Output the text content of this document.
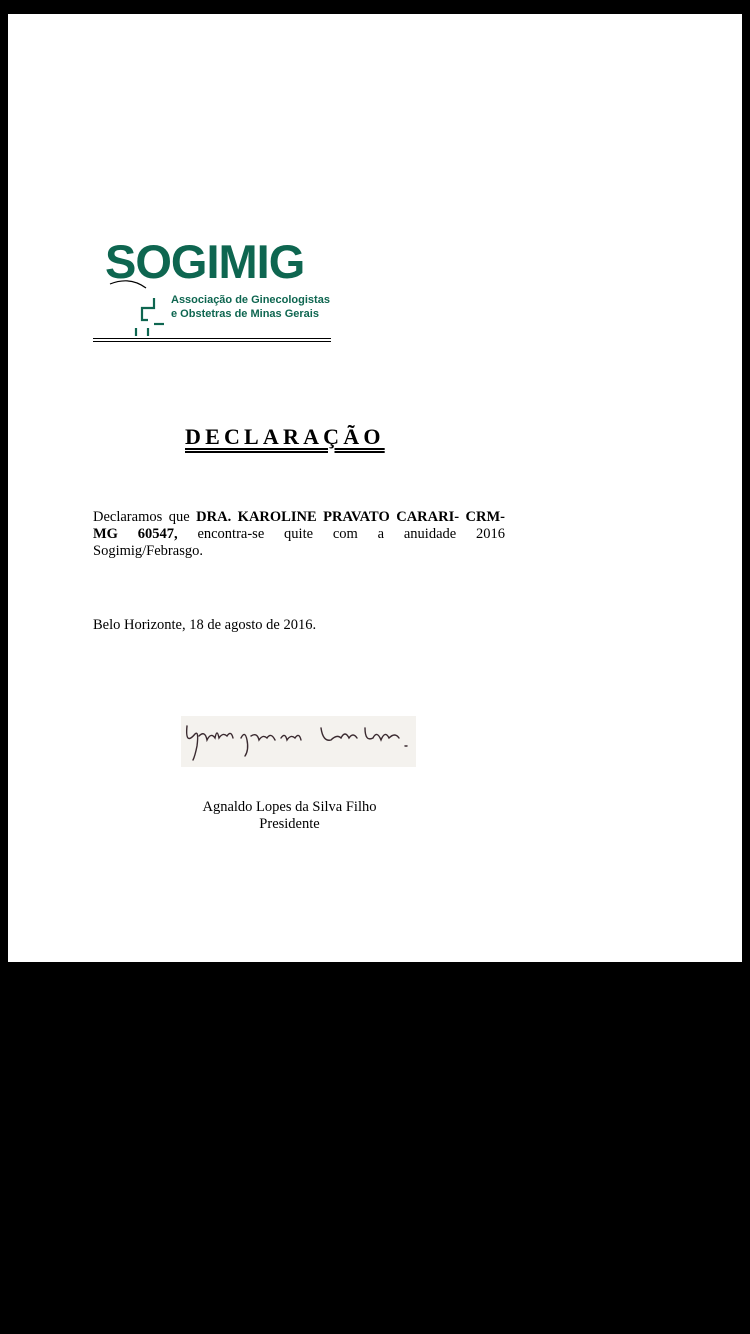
SOGIMIG
Associação de Ginecologistas
e Obstetras de Minas Gerais
DECLARAÇÃO
Declaramos que DRA. KAROLINE PRAVATO CARARI- CRM-MG 60547, encontra-se quite com a anuidade 2016 Sogimig/Febrasgo.
Belo Horizonte, 18 de agosto de 2016.
Agnaldo Lopes da Silva Filho
Presidente
